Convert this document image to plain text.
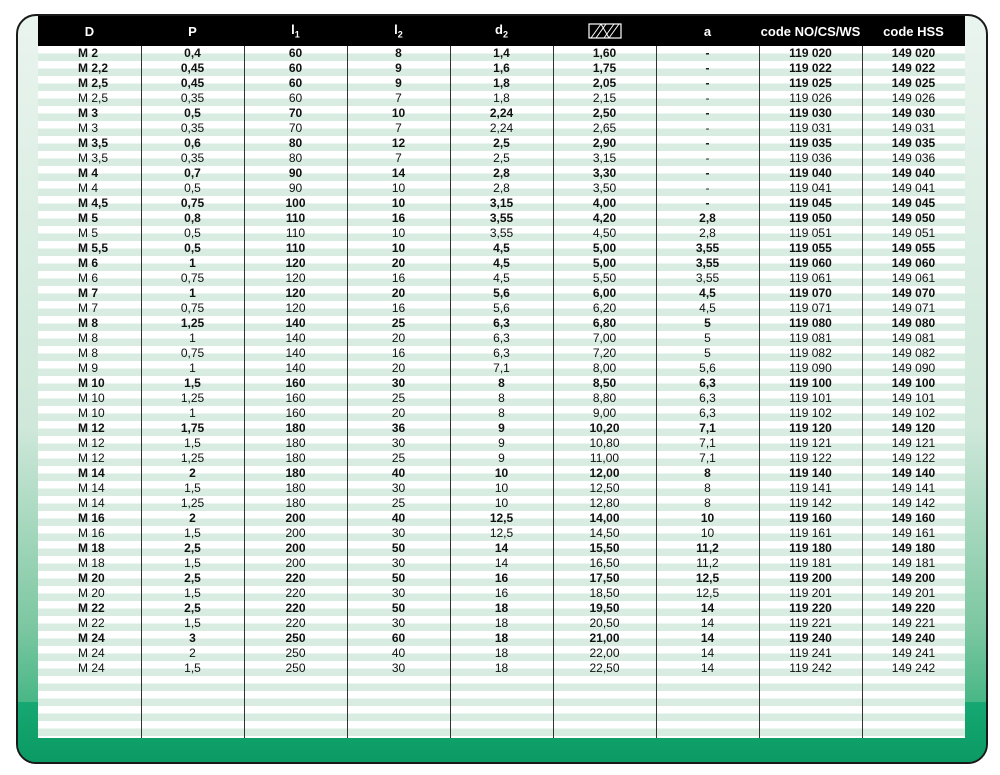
D	P	$l_1$	$l_2$	$d_2$		a	code NO/CS/WS	code HSS
M 2	0,4	60	8	1,4	1,60	-	119 020	149 020
M 2,2	0,45	60	9	1,6	1,75	-	119 022	149 022
M 2,5	0,45	60	9	1,8	2,05	-	119 025	149 025
M 2,5	0,35	60	7	1,8	2,15	-	119 026	149 026
M 3	0,5	70	10	2,24	2,50	-	119 030	149 030
M 3	0,35	70	7	2,24	2,65	-	119 031	149 031
M 3,5	0,6	80	12	2,5	2,90	-	119 035	149 035
M 3,5	0,35	80	7	2,5	3,15	-	119 036	149 036
M 4	0,7	90	14	2,8	3,30	-	119 040	149 040
M 4	0,5	90	10	2,8	3,50	-	119 041	149 041
M 4,5	0,75	100	10	3,15	4,00	-	119 045	149 045
M 5	0,8	110	16	3,55	4,20	2,8	119 050	149 050
M 5	0,5	110	10	3,55	4,50	2,8	119 051	149 051
M 5,5	0,5	110	10	4,5	5,00	3,55	119 055	149 055
M 6	1	120	20	4,5	5,00	3,55	119 060	149 060
M 6	0,75	120	16	4,5	5,50	3,55	119 061	149 061
M 7	1	120	20	5,6	6,00	4,5	119 070	149 070
M 7	0,75	120	16	5,6	6,20	4,5	119 071	149 071
M 8	1,25	140	25	6,3	6,80	5	119 080	149 080
M 8	1	140	20	6,3	7,00	5	119 081	149 081
M 8	0,75	140	16	6,3	7,20	5	119 082	149 082
M 9	1	140	20	7,1	8,00	5,6	119 090	149 090
M 10	1,5	160	30	8	8,50	6,3	119 100	149 100
M 10	1,25	160	25	8	8,80	6,3	119 101	149 101
M 10	1	160	20	8	9,00	6,3	119 102	149 102
M 12	1,75	180	36	9	10,20	7,1	119 120	149 120
M 12	1,5	180	30	9	10,80	7,1	119 121	149 121
M 12	1,25	180	25	9	11,00	7,1	119 122	149 122
M 14	2	180	40	10	12,00	8	119 140	149 140
M 14	1,5	180	30	10	12,50	8	119 141	149 141
M 14	1,25	180	25	10	12,80	8	119 142	149 142
M 16	2	200	40	12,5	14,00	10	119 160	149 160
M 16	1,5	200	30	12,5	14,50	10	119 161	149 161
M 18	2,5	200	50	14	15,50	11,2	119 180	149 180
M 18	1,5	200	30	14	16,50	11,2	119 181	149 181
M 20	2,5	220	50	16	17,50	12,5	119 200	149 200
M 20	1,5	220	30	16	18,50	12,5	119 201	149 201
M 22	2,5	220	50	18	19,50	14	119 220	149 220
M 22	1,5	220	30	18	20,50	14	119 221	149 221
M 24	3	250	60	18	21,00	14	119 240	149 240
M 24	2	250	40	18	22,00	14	119 241	149 241
M 24	1,5	250	30	18	22,50	14	119 242	149 242
